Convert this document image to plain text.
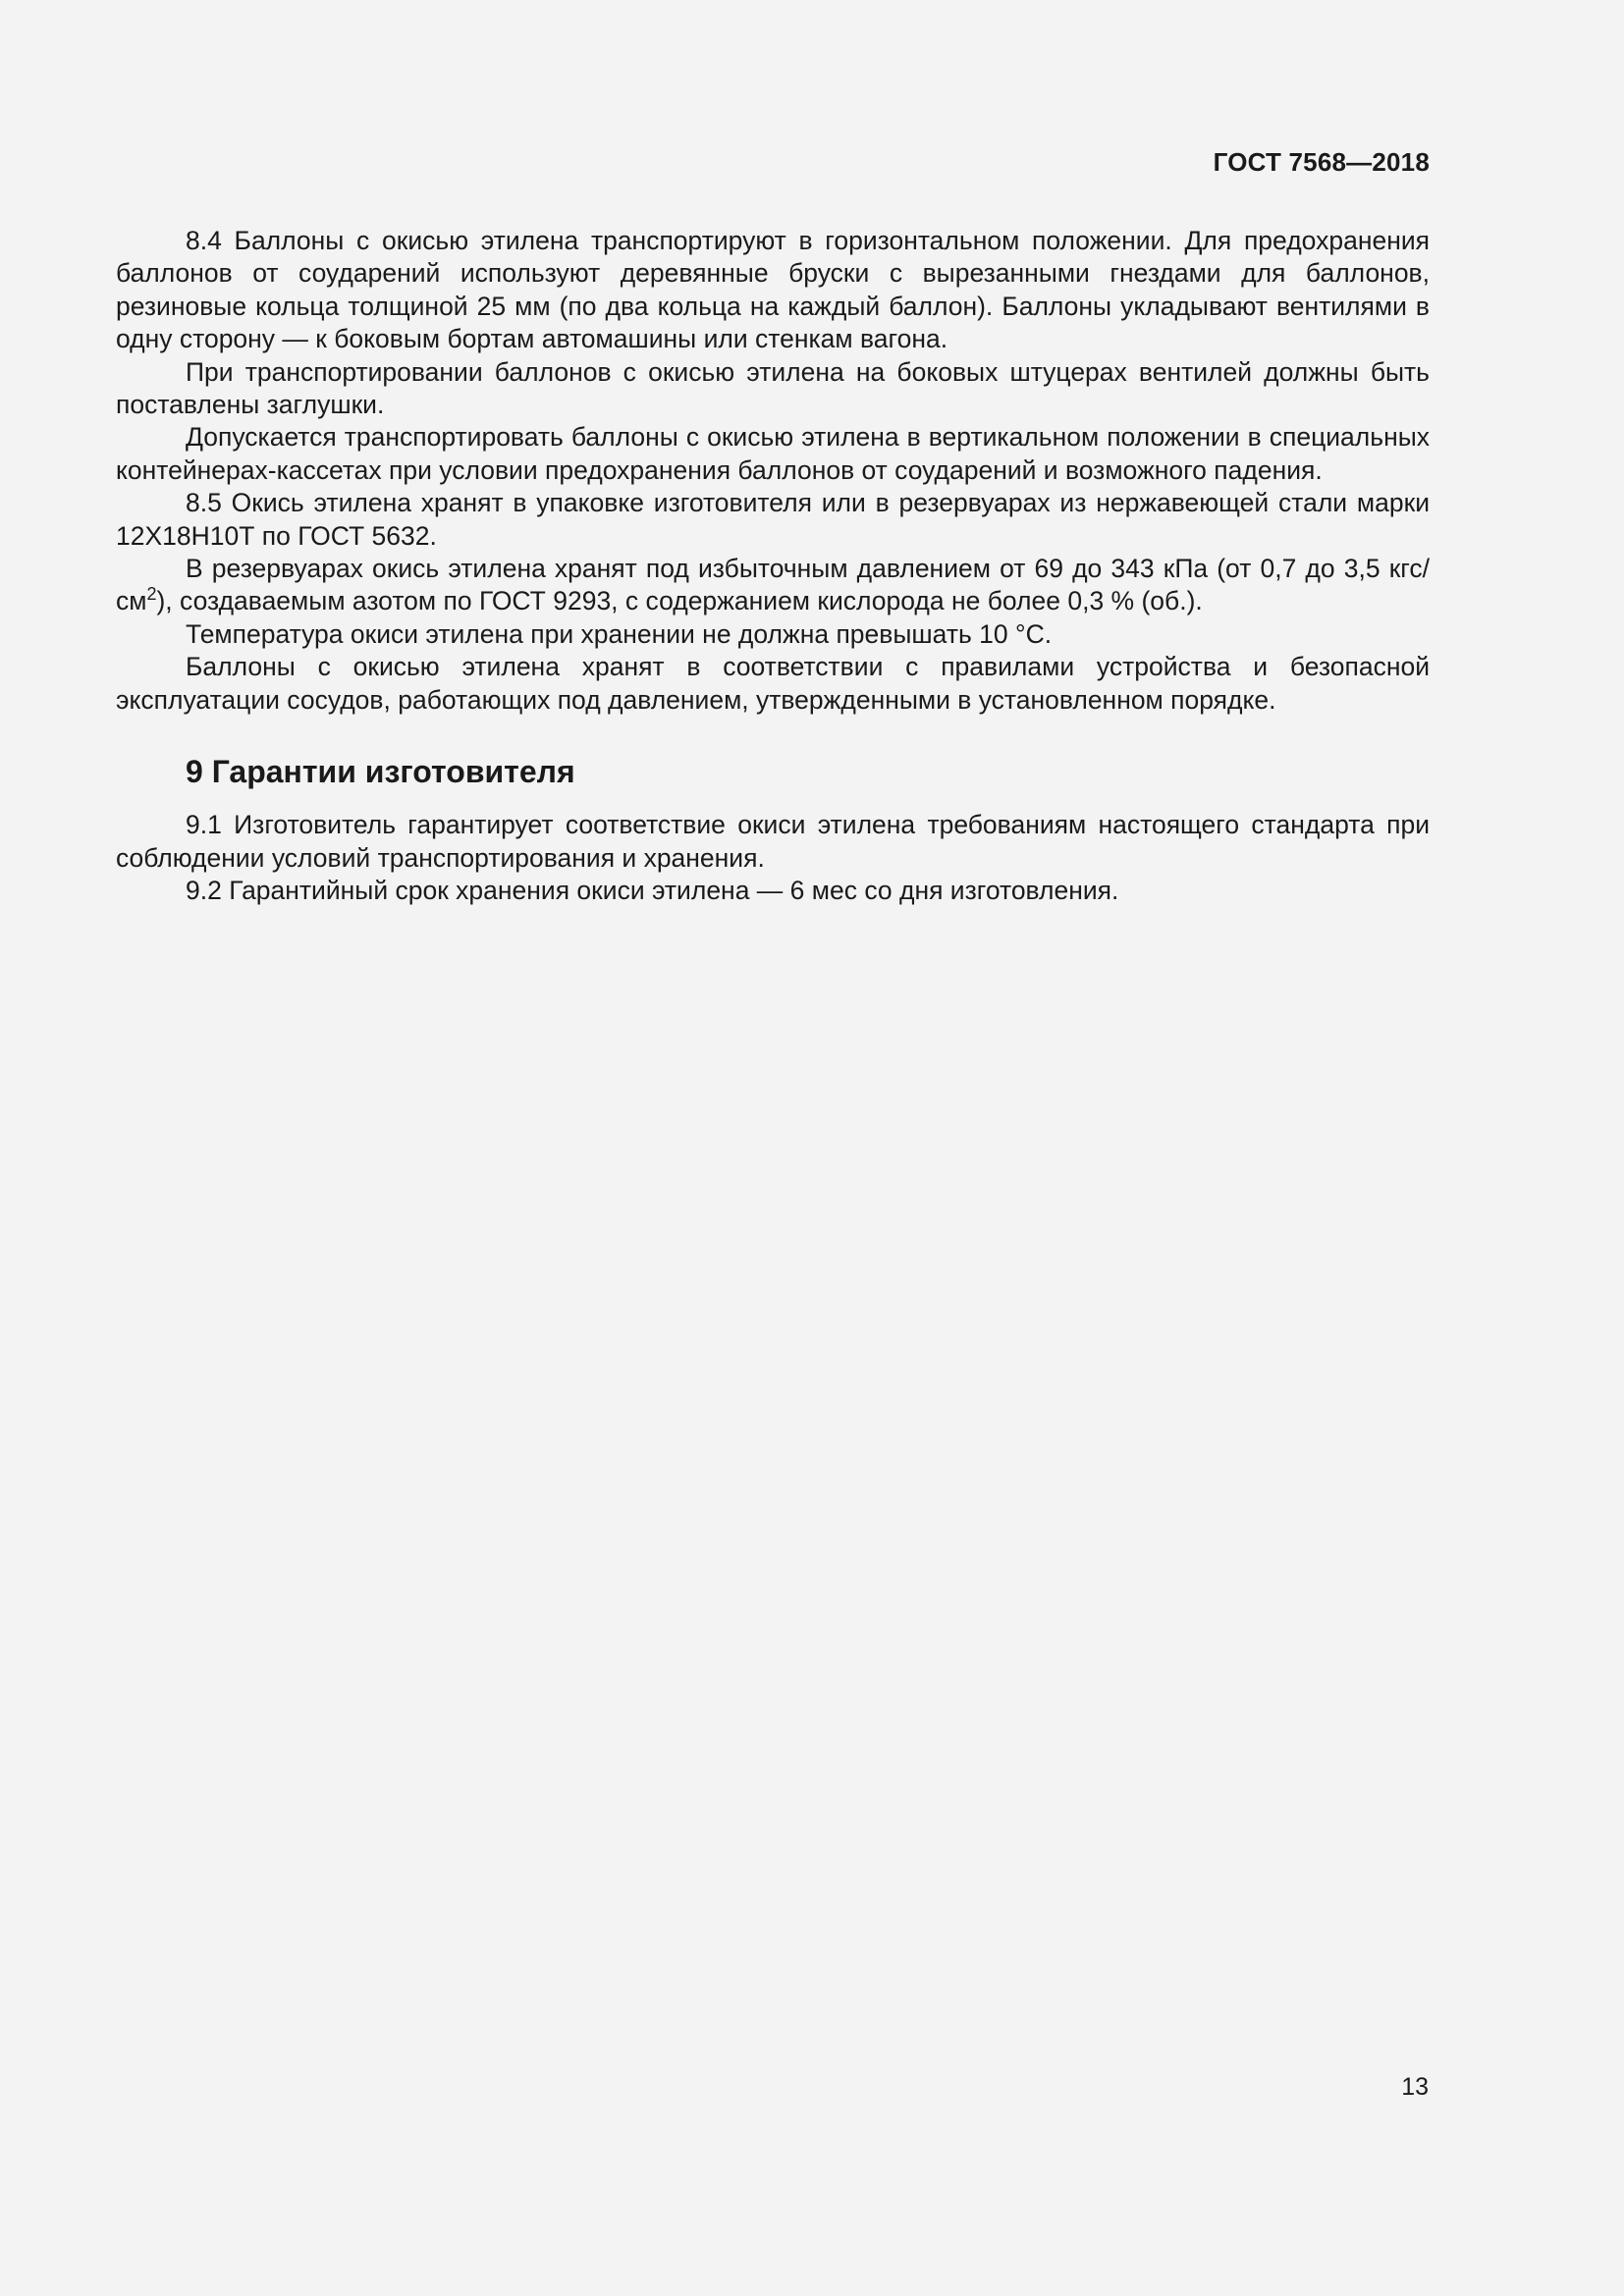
ГОСТ 7568—2018

8.4 Баллоны с окисью этилена транспортируют в горизонтальном положении. Для предохранения баллонов от соударений используют деревянные бруски с вырезанными гнездами для баллонов, резиновые кольца толщиной 25 мм (по два кольца на каждый баллон). Баллоны укладывают вентилями в одну сторону — к боковым бортам автомашины или стенкам вагона.

При транспортировании баллонов с окисью этилена на боковых штуцерах вентилей должны быть поставлены заглушки.

Допускается транспортировать баллоны с окисью этилена в вертикальном положении в специальных контейнерах-кассетах при условии предохранения баллонов от соударений и возможного падения.

8.5 Окись этилена хранят в упаковке изготовителя или в резервуарах из нержавеющей стали марки 12Х18Н10Т по ГОСТ 5632.

В резервуарах окись этилена хранят под избыточным давлением от 69 до 343 кПа (от 0,7 до 3,5 кгс/$см^2$), создаваемым азотом по ГОСТ 9293, с содержанием кислорода не более 0,3 % (об.).

Температура окиси этилена при хранении не должна превышать 10 °С.

Баллоны с окисью этилена хранят в соответствии с правилами устройства и безопасной эксплуатации сосудов, работающих под давлением, утвержденными в установленном порядке.

9 Гарантии изготовителя

9.1 Изготовитель гарантирует соответствие окиси этилена требованиям настоящего стандарта при соблюдении условий транспортирования и хранения.

9.2 Гарантийный срок хранения окиси этилена — 6 мес со дня изготовления.

13
